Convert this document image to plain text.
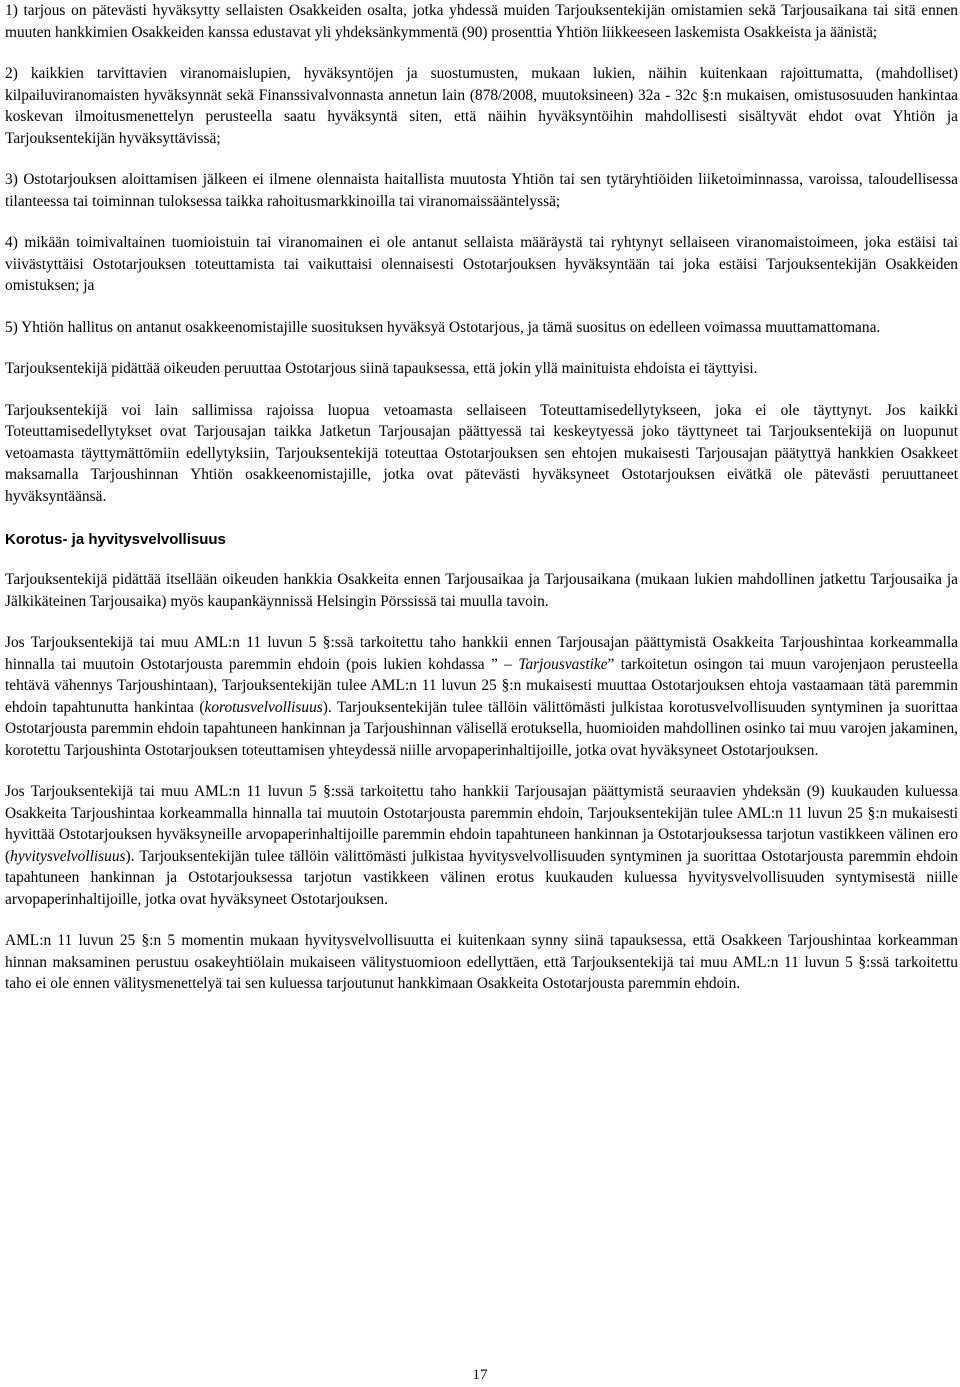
1) tarjous on pätevästi hyväksytty sellaisten Osakkeiden osalta, jotka yhdessä muiden Tarjouksentekijän omistamien sekä Tarjousaikana tai sitä ennen muuten hankkimien Osakkeiden kanssa edustavat yli yhdeksänkymmentä (90) prosenttia Yhtiön liikkeeseen laskemista Osakkeista ja äänistä;

2) kaikkien tarvittavien viranomaislupien, hyväksyntöjen ja suostumusten, mukaan lukien, näihin kuitenkaan rajoittumatta, (mahdolliset) kilpailuviranomaisten hyväksynnät sekä Finanssivalvonnasta annetun lain (878/2008, muutoksineen) 32a - 32c §:n mukaisen, omistusosuuden hankintaa koskevan ilmoitusmenettelyn perusteella saatu hyväksyntä siten, että näihin hyväksyntöihin mahdollisesti sisältyvät ehdot ovat Yhtiön ja Tarjouksentekijän hyväksyttävissä;

3) Ostotarjouksen aloittamisen jälkeen ei ilmene olennaista haitallista muutosta Yhtiön tai sen tytäryhtiöiden liiketoiminnassa, varoissa, taloudellisessa tilanteessa tai toiminnan tuloksessa taikka rahoitusmarkkinoilla tai viranomaissääntelyssä;

4) mikään toimivaltainen tuomioistuin tai viranomainen ei ole antanut sellaista määräystä tai ryhtynyt sellaiseen viranomaistoimeen, joka estäisi tai viivästyttäisi Ostotarjouksen toteuttamista tai vaikuttaisi olennaisesti Ostotarjouksen hyväksyntään tai joka estäisi Tarjouksentekijän Osakkeiden omistuksen; ja

5) Yhtiön hallitus on antanut osakkeenomistajille suosituksen hyväksyä Ostotarjous, ja tämä suositus on edelleen voimassa muuttamattomana.

Tarjouksentekijä pidättää oikeuden peruuttaa Ostotarjous siinä tapauksessa, että jokin yllä mainituista ehdoista ei täyttyisi.

Tarjouksentekijä voi lain sallimissa rajoissa luopua vetoamasta sellaiseen Toteuttamisedellytykseen, joka ei ole täyttynyt. Jos kaikki Toteuttamisedellytykset ovat Tarjousajan taikka Jatketun Tarjousajan päättyessä tai keskeytyessä joko täyttyneet tai Tarjouksentekijä on luopunut vetoamasta täyttymättömiin edellytyksiin, Tarjouksentekijä toteuttaa Ostotarjouksen sen ehtojen mukaisesti Tarjousajan päätyttyä hankkien Osakkeet maksamalla Tarjoushinnan Yhtiön osakkeenomistajille, jotka ovat pätevästi hyväksyneet Ostotarjouksen eivätkä ole pätevästi peruuttaneet hyväksyntäänsä.

Korotus- ja hyvitysvelvollisuus

Tarjouksentekijä pidättää itsellään oikeuden hankkia Osakkeita ennen Tarjousaikaa ja Tarjousaikana (mukaan lukien mahdollinen jatkettu Tarjousaika ja Jälkikäteinen Tarjousaika) myös kaupankäynnissä Helsingin Pörssissä tai muulla tavoin.

Jos Tarjouksentekijä tai muu AML:n 11 luvun 5 §:ssä tarkoitettu taho hankkii ennen Tarjousajan päättymistä Osakkeita Tarjoushintaa korkeammalla hinnalla tai muutoin Ostotarjousta paremmin ehdoin (pois lukien kohdassa ” – Tarjousvastike” tarkoitetun osingon tai muun varojenjaon perusteella tehtävä vähennys Tarjoushintaan), Tarjouksentekijän tulee AML:n 11 luvun 25 §:n mukaisesti muuttaa Ostotarjouksen ehtoja vastaamaan tätä paremmin ehdoin tapahtunutta hankintaa (korotusvelvollisuus). Tarjouksentekijän tulee tällöin välittömästi julkistaa korotusvelvollisuuden syntyminen ja suorittaa Ostotarjousta paremmin ehdoin tapahtuneen hankinnan ja Tarjoushinnan välisellä erotuksella, huomioiden mahdollinen osinko tai muu varojen jakaminen, korotettu Tarjoushinta Ostotarjouksen toteuttamisen yhteydessä niille arvopaperinhaltijoille, jotka ovat hyväksyneet Ostotarjouksen.

Jos Tarjouksentekijä tai muu AML:n 11 luvun 5 §:ssä tarkoitettu taho hankkii Tarjousajan päättymistä seuraavien yhdeksän (9) kuukauden kuluessa Osakkeita Tarjoushintaa korkeammalla hinnalla tai muutoin Ostotarjousta paremmin ehdoin, Tarjouksentekijän tulee AML:n 11 luvun 25 §:n mukaisesti hyvittää Ostotarjouksen hyväksyneille arvopaperinhaltijoille paremmin ehdoin tapahtuneen hankinnan ja Ostotarjouksessa tarjotun vastikkeen välinen ero (hyvitysvelvollisuus). Tarjouksentekijän tulee tällöin välittömästi julkistaa hyvitysvelvollisuuden syntyminen ja suorittaa Ostotarjousta paremmin ehdoin tapahtuneen hankinnan ja Ostotarjouksessa tarjotun vastikkeen välinen erotus kuukauden kuluessa hyvitysvelvollisuuden syntymisestä niille arvopaperinhaltijoille, jotka ovat hyväksyneet Ostotarjouksen.

AML:n 11 luvun 25 §:n 5 momentin mukaan hyvitysvelvollisuutta ei kuitenkaan synny siinä tapauksessa, että Osakkeen Tarjoushintaa korkeamman hinnan maksaminen perustuu osakeyhtiölain mukaiseen välitystuomioon edellyttäen, että Tarjouksentekijä tai muu AML:n 11 luvun 5 §:ssä tarkoitettu taho ei ole ennen välitysmenettelyä tai sen kuluessa tarjoutunut hankkimaan Osakkeita Ostotarjousta paremmin ehdoin.

17
